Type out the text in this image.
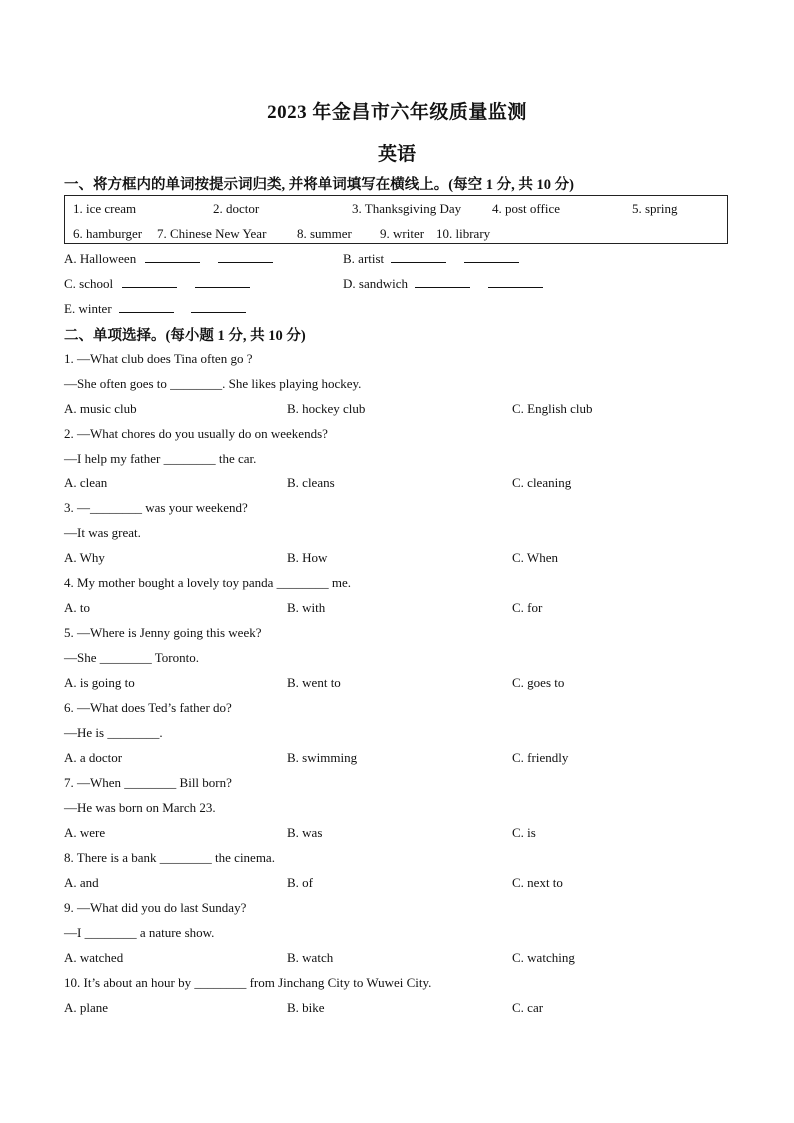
2023 年金昌市六年级质量监测
英语
一、将方框内的单词按提示词归类, 并将单词填写在横线上。(每空 1 分, 共 10 分)
1. ice cream	2. doctor	3. Thanksgiving Day 4. post office	5. spring
6. hamburger 7. Chinese New Year 8. summer 9. writer 10. library
A. Halloween	B. artist
C. school	D. sandwich
E. winter
二、单项选择。(每小题 1 分, 共 10 分)
1. —What club does Tina often go ?
—She often goes to ________. She likes playing hockey.
A. music club	B. hockey club	C. English club
2. —What chores do you usually do on weekends?
—I help my father ________ the car.
A. clean	B. cleans	C. cleaning
3. —________ was your weekend?
—It was great.
A. Why	B. How	C. When
4. My mother bought a lovely toy panda ________ me.
A. to	B. with	C. for
5. —Where is Jenny going this week?
—She ________ Toronto.
A. is going to	B. went to	C. goes to
6. —What does Ted’s father do?
—He is ________.
A. a doctor	B. swimming	C. friendly
7. —When ________ Bill born?
—He was born on March 23.
A. were	B. was	C. is
8. There is a bank ________ the cinema.
A. and	B. of	C. next to
9. —What did you do last Sunday?
—I ________ a nature show.
A. watched	B. watch	C. watching
10. It’s about an hour by ________ from Jinchang City to Wuwei City.
A. plane	B. bike	C. car
